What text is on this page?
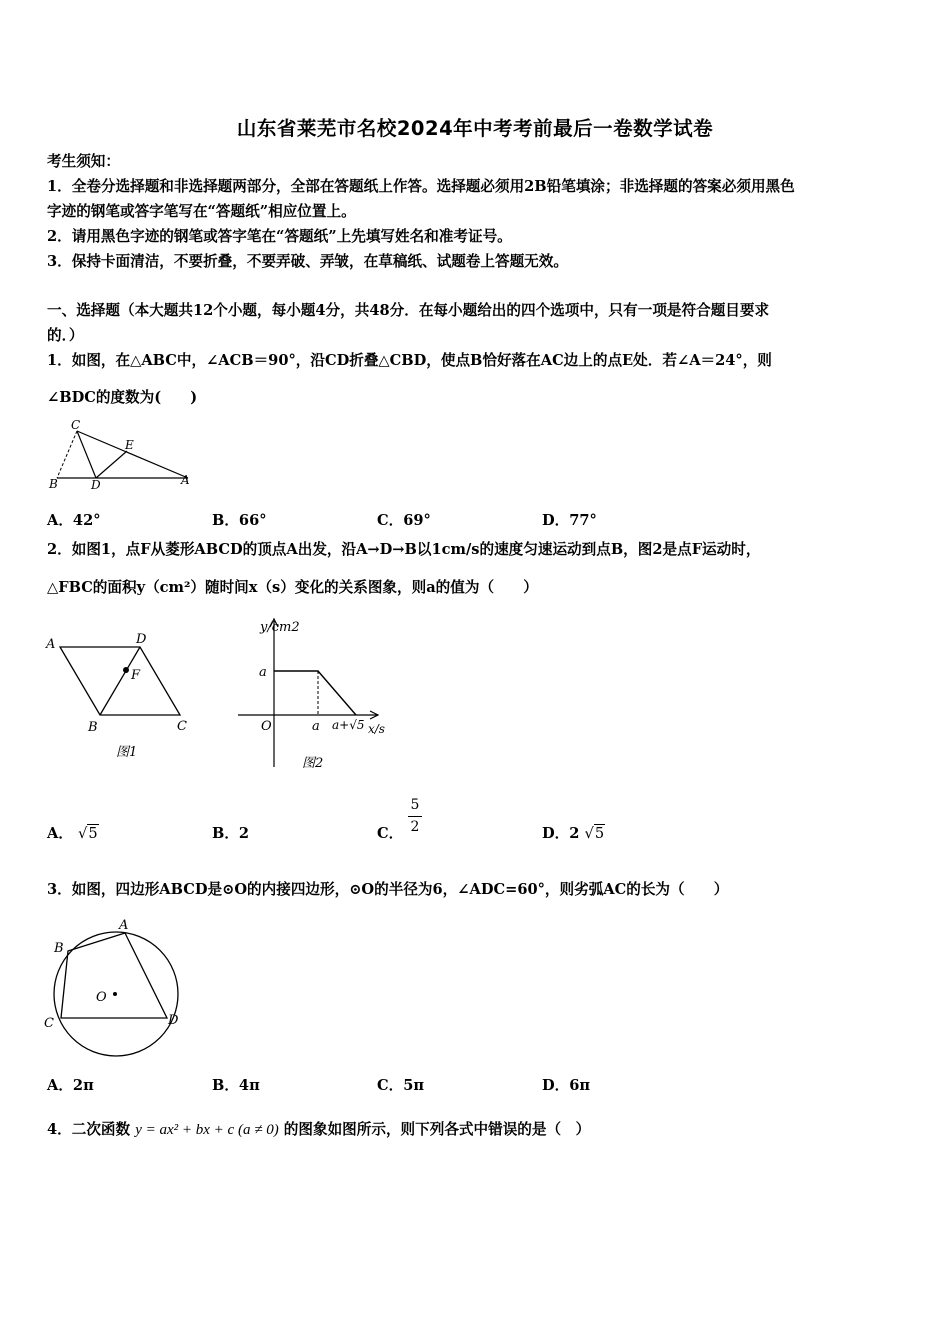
山东省莱芜市名校2024年中考考前最后一卷数学试卷
考生须知：
1．全卷分选择题和非选择题两部分，全部在答题纸上作答。选择题必须用2B铅笔填涂；非选择题的答案必须用黑色
字迹的钢笔或答字笔写在“答题纸”相应位置上。
2．请用黑色字迹的钢笔或答字笔在“答题纸”上先填写姓名和准考证号。
3．保持卡面清洁，不要折叠，不要弄破、弄皱，在草稿纸、试题卷上答题无效。
一、选择题（本大题共12个小题，每小题4分，共48分．在每小题给出的四个选项中，只有一项是符合题目要求
的．）
1．如图，在△ABC中，∠ACB＝90°，沿CD折叠△CBD，使点B恰好落在AC边上的点E处．若∠A＝24°，则
∠BDC的度数为(　　)
C
E
B	D	A
A．42°	B．66°	C．69°	D．77°
2．如图1，点F从菱形ABCD的顶点A出发，沿A→D→B以1cm/s的速度匀速运动到点B，图2是点F运动时，
△FBC的面积y（cm²）随时间x（s）变化的关系图象，则a的值为（　　）
A	D
F
B	C
图1
y/cm2
a
O	a a+√5 x/s
图2
A． √5	B．2	C．
5
2	D．2 √5
3．如图，四边形ABCD是⊙O的内接四边形，⊙O的半径为6，∠ADC=60°，则劣弧AC的长为（　　）
A
B
O
C	D
A．2π	B．4π	C．5π	D．6π
4．二次函数 y = ax² + bx + c (a ≠ 0) 的图象如图所示，则下列各式中错误的是（　）
